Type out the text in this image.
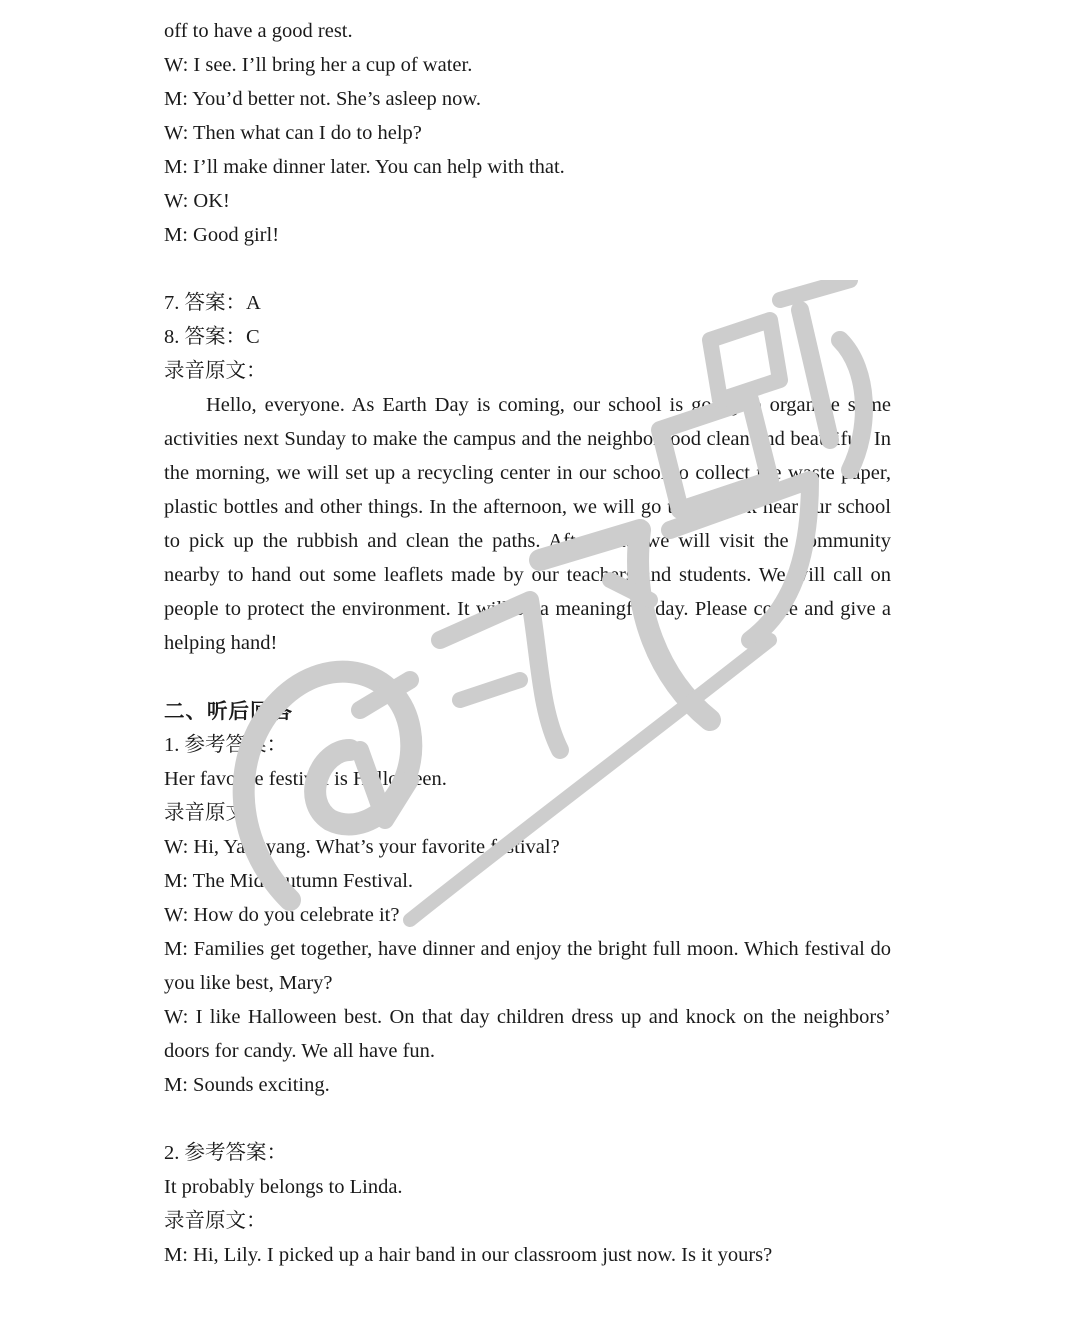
off to have a good rest.
W: I see. I’ll bring her a cup of water.
M: You’d better not. She’s asleep now.
W: Then what can I do to help?
M: I’ll make dinner later. You can help with that.
W: OK!
M: Good girl!
7. 答案：A
8. 答案：C
录音原文：
Hello, everyone. As Earth Day is coming, our school is going to organize some activities next Sunday to make the campus and the neighborhood clean and beautiful. In the morning, we will set up a recycling center in our school to collect the waste paper, plastic bottles and other things. In the afternoon, we will go to the park near our school to pick up the rubbish and clean the paths. After that, we will visit the community nearby to hand out some leaflets made by our teachers and students. We will call on people to protect the environment. It will be a meaningful day. Please come and give a helping hand!
二、听后回答
1. 参考答案：
Her favorite festival is Halloween.
录音原文：
W: Hi, Yangyang. What’s your favorite festival?
M: The Mid-Autumn Festival.
W: How do you celebrate it?
M: Families get together, have dinner and enjoy the bright full moon. Which festival do you like best, Mary?
W: I like Halloween best. On that day children dress up and knock on the neighbors’ doors for candy. We all have fun.
M: Sounds exciting.
2. 参考答案：
It probably belongs to Linda.
录音原文：
M: Hi, Lily. I picked up a hair band in our classroom just now. Is it yours?
